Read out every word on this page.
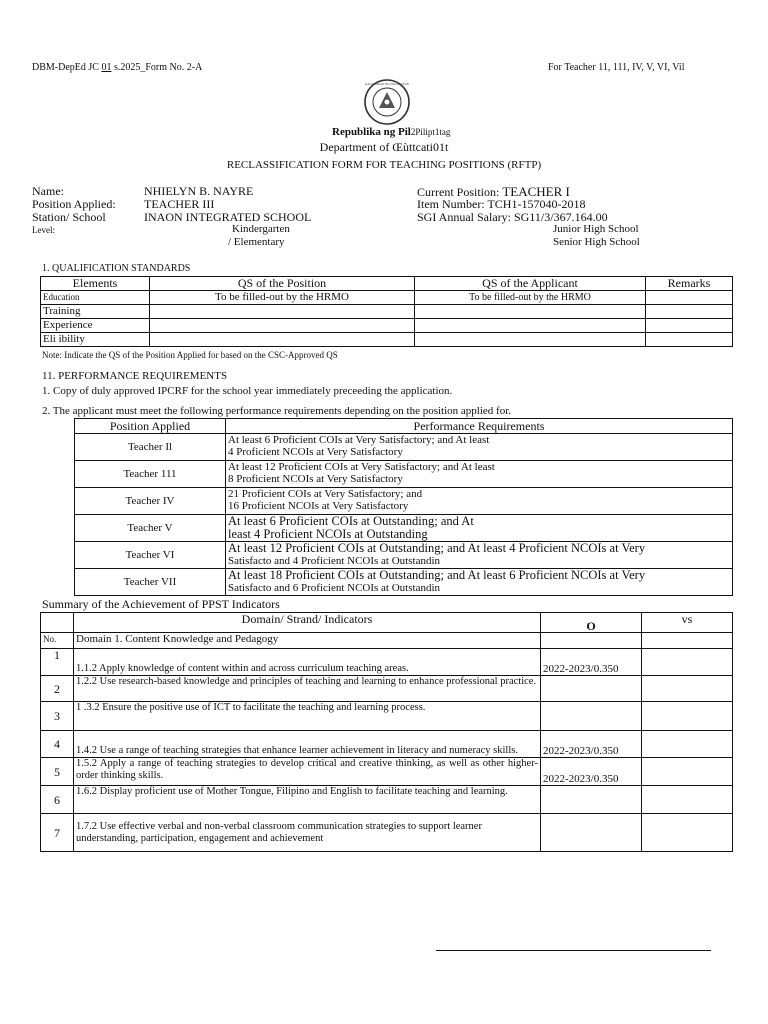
DBM-DepEd JC 01 s.2025_Form No. 2-A	For Teacher 11, 111, IV, V, VI, Vil
KAGAWARAN NG EDUKASYON
Republika ng Pil2Pilipt1tag
Department of Œùttcati01t
RECLASSIFICATION FORM FOR TEACHING POSITIONS (RFTP)
Name:	NHIELYN B. NAYRE
Position Applied: TEACHER III
Station/ School	INAON INTEGRATED SCHOOL
Level:	Kindergarten
/ Elementary
Current Position: TEACHER I
Item Number: TCH1-157040-2018
SGI Annual Salary: SG11/3/367.164.00
Junior High School
Senior High School
1. QUALIFICATION STANDARDS
Elements	QS of the Position	QS of the Applicant	Remarks
Education	To be filled-out by the HRMO	To be filled-out by the HRMO	
Training			
Experience			
Eli ibility			
Note: Indicate the QS of the Position Applied for based on the CSC-Approved QS
11. PERFORMANCE REQUIREMENTS
1. Copy of duly approved IPCRF for the school year immediately preceeding the application.
2. The applicant must meet the following performance requirements depending on the position applied for.
Position Applied	Performance Requirements
Teacher Il	At least 6 Proficient COIs at Very Satisfactory; and At least
4 Proficient NCOIs at Very Satisfactory

Teacher 111	At least 12 Proficient COIs at Very Satisfactory; and At least
8 Proficient NCOIs at Very Satisfactory

Teacher IV	21 Proficient COIs at Very Satisfactory; and
16 Proficient NCOIs at Very Satisfactory

Teacher V	At least 6 Proficient COIs at Outstanding; and At
least 4 Proficient NCOIs at Outstanding

Teacher VI	At least 12 Proficient COIs at Outstanding; and At least 4 Proficient NCOIs at Very
Satisfacto and 4 Proficient NCOIs at Outstandin

Teacher VII	At least 18 Proficient COIs at Outstanding; and At least 6 Proficient NCOIs at Very
Satisfacto and 6 Proficient NCOIs at Outstandin
Summary of the Achievement of PPST Indicators
	Domain/ Strand/ Indicators	O	vs
No.	Domain 1. Content Knowledge and Pedagogy		
1	1.1.2 Apply knowledge of content within and across curriculum teaching areas.	2022-2023/0.350	
2	1.2.2 Use research-based knowledge and principles of teaching and learning to enhance professional practice.		
3	1 .3.2 Ensure the positive use of ICT to facilitate the teaching and learning process.		
4	1.4.2 Use a range of teaching strategies that enhance learner achievement in literacy and numeracy skills.	2022-2023/0.350	
5	1.5.2 Apply a range of teaching strategies to develop critical and creative thinking, as well as other higher-order thinking skills.	2022-2023/0.350	
6	1.6.2 Display proficient use of Mother Tongue, Filipino and English to facilitate teaching and learning.		
7	1.7.2 Use effective verbal and non-verbal classroom communication strategies to support learner understanding, participation, engagement and achievement		
